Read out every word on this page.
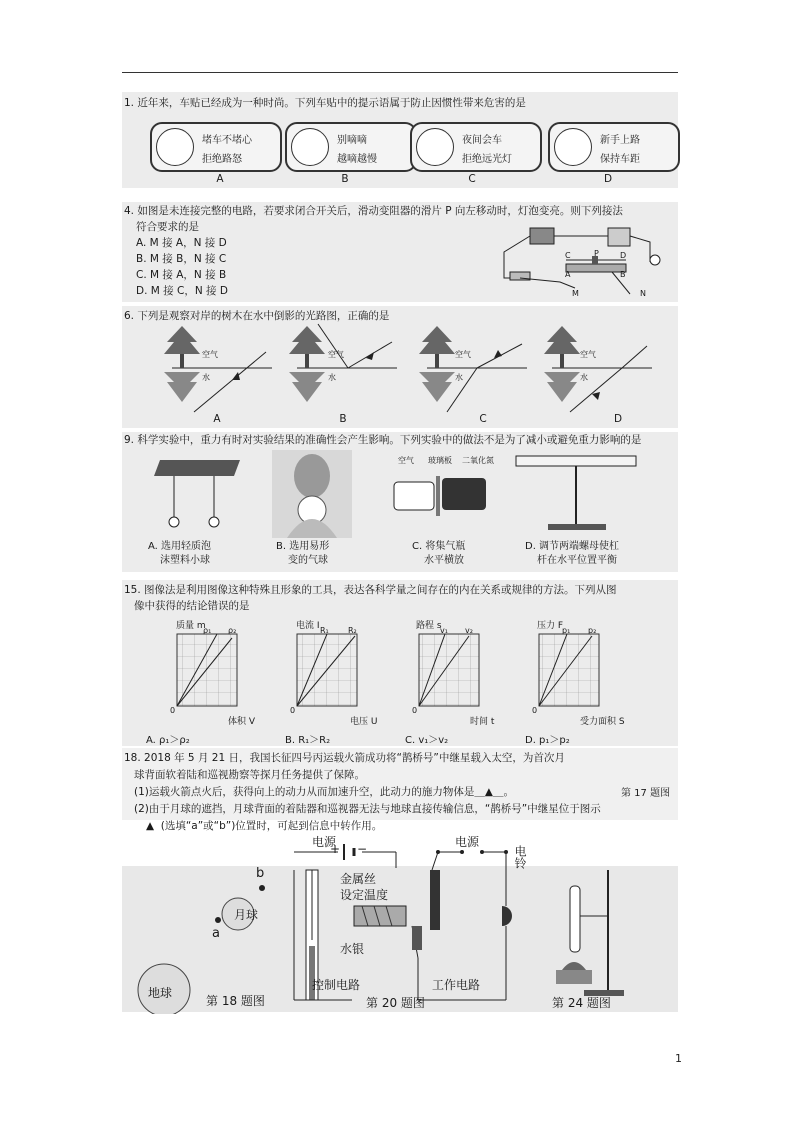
1. 近年来，车贴已经成为一种时尚。下列车贴中的提示语属于防止因惯性带来危害的是
堵车不堵心
拒绝路怒
别嘀嘀
越嘀越慢
夜间会车
拒绝远光灯
新手上路
保持车距
A	B	C	D
4. 如图是未连接完整的电路，若要求闭合开关后，滑动变阻器的滑片 P 向左移动时，灯泡变亮。则下列接法
符合要求的是
A. M 接 A，N 接 D
B. M 接 B，N 接 C
C. M 接 A，N 接 B
D. M 接 C，N 接 D
C	P	D
A	B
M	N
6. 下列是观察对岸的树木在水中倒影的光路图，正确的是
空气
水
空气
水
空气
水
空气
水
A	B	C	D
9. 科学实验中，重力有时对实验结果的准确性会产生影响。下列实验中的做法不是为了减小或避免重力影响的是
空气 玻璃板 二氧化氮
A. 选用轻质泡
沫塑料小球
B. 选用易形
变的气球
C. 将集气瓶
水平横放
D. 调节两端螺母使杠
杆在水平位置平衡
15. 图像法是利用图像这种特殊且形象的工具，表达各科学量之间存在的内在关系或规律的方法。下列从图
像中获得的结论错误的是
质量 m	电流 I	路程 s	压力 F
ρ₁ ρ₂	R₁ R₂	v₁ v₂	p₁ p₂
0	0	0	0
体积 V	电压 U	时间 t	受力面积 S
A. ρ₁＞ρ₂	B. R₁＞R₂	C. v₁＞v₂	D. p₁＞p₂
18. 2018 年 5 月 21 日，我国长征四号丙运载火箭成功将“鹊桥号”中继星载入太空，为首次月
球背面软着陆和巡视勘察等探月任务提供了保障。
(1)运载火箭点火后，获得向上的动力从而加速升空，此动力的施力物体是＿▲＿。
(2)由于月球的遮挡，月球背面的着陆器和巡视器无法与地球直接传输信息，“鹊桥号”中继星位于图示
▲  (选填“a”或“b”)位置时，可起到信息中转作用。
第 17 题图
b
月球
a
地球
第 18 题图
电源	电源
+ −
金属丝
设定温度
水银
电铃
控制电路	工作电路
第 20 题图	第 24 题图
1
